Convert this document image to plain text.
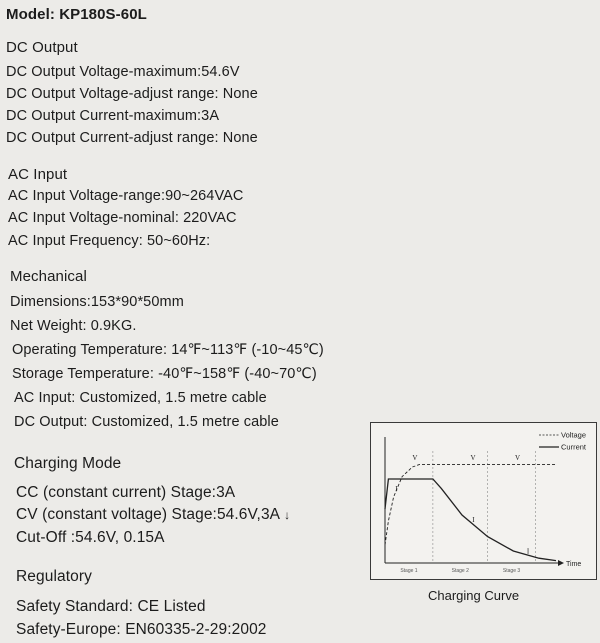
Model: KP180S-60L
DC Output
DC Output Voltage-maximum:54.6V
DC Output Voltage-adjust range: None
DC Output Current-maximum:3A
DC Output Current-adjust range: None
AC Input
AC Input Voltage-range:90~264VAC
AC Input Voltage-nominal: 220VAC
AC Input Frequency: 50~60Hz:
Mechanical
Dimensions:153*90*50mm
Net Weight: 0.9KG.
Operating Temperature: 14℉~113℉ (-10~45℃)
Storage Temperature: -40℉~158℉ (-40~70℃)
AC Input: Customized, 1.5 metre cable
DC Output: Customized, 1.5 metre cable
Charging Mode
CC (constant current) Stage:3A
CV (constant voltage) Stage:54.6V,3A ↓
Cut-Off :54.6V, 0.15A
Regulatory
Safety Standard: CE Listed
Safety-Europe: EN60335-2-29:2002
Voltage
Current
Time
Stage 1	Stage 2	Stage 3
I
V	V	V
I
I
Charging Curve
